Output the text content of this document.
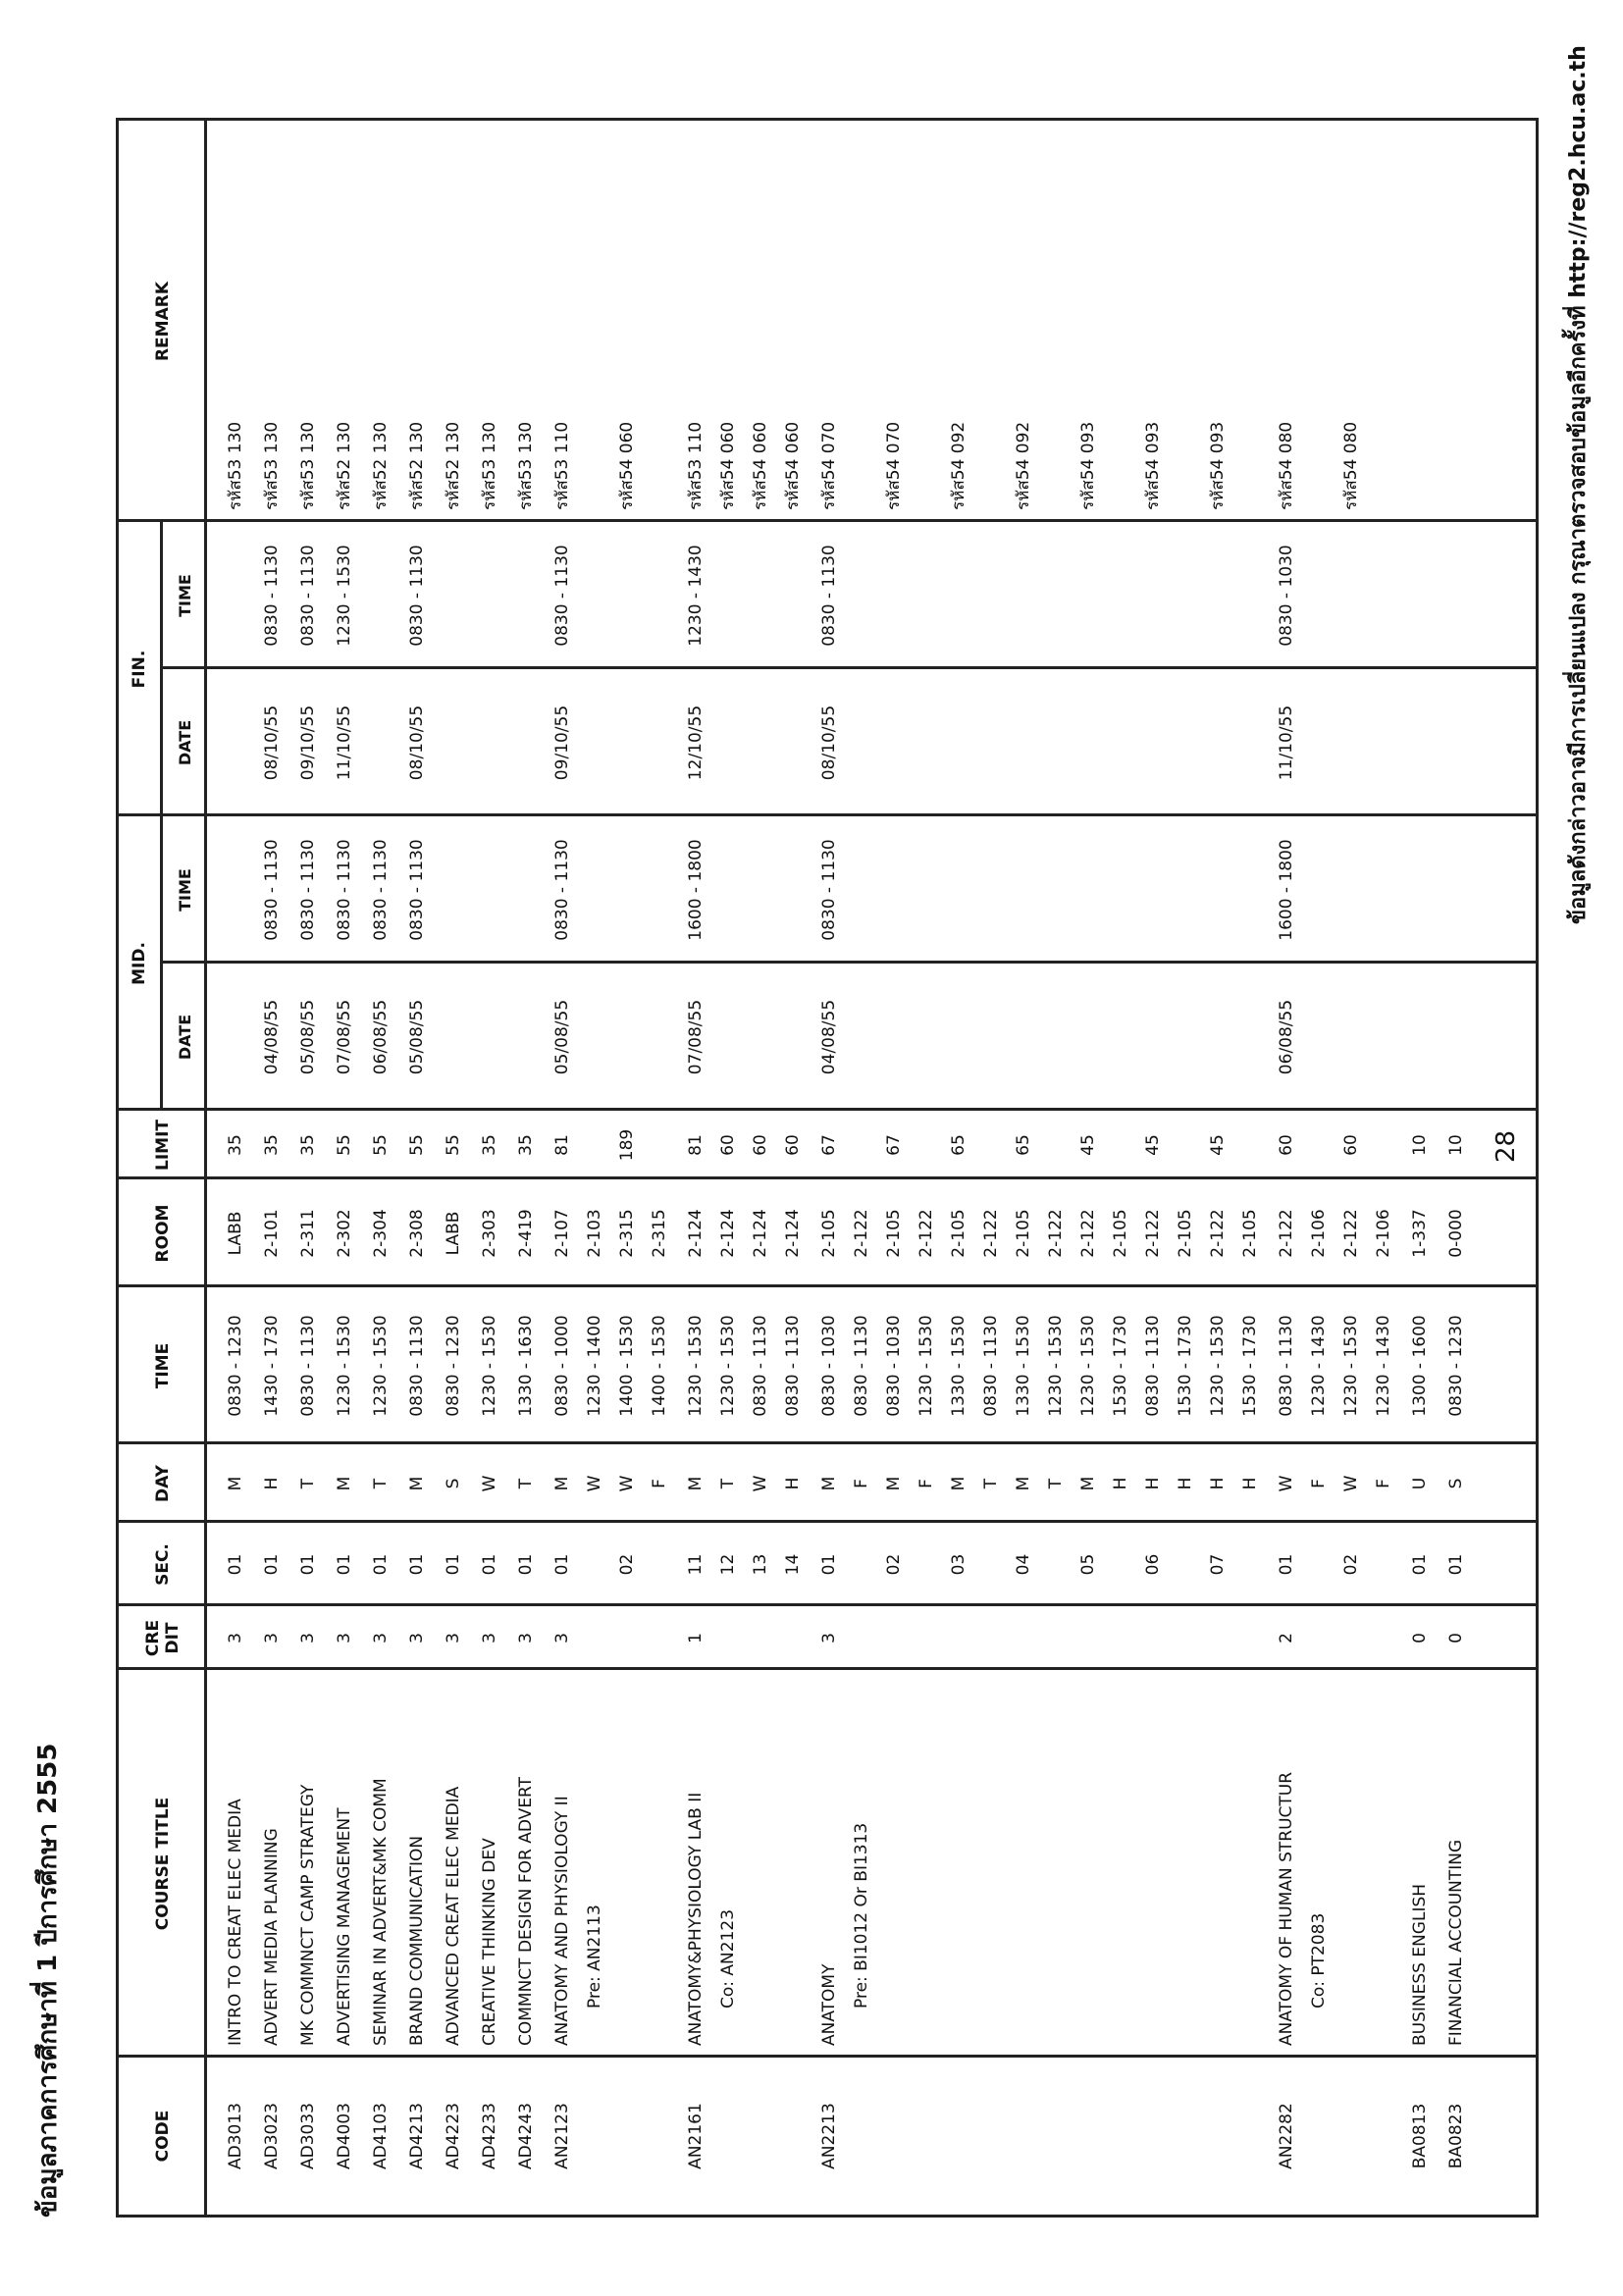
ข้อมูลภาคการศึกษาที่ 1 ปีการศึกษา 2555
28
CODE
COURSE TITLE
CRE DIT
SEC.
DAY
TIME
ROOM
LIMIT
REMARK
MID.
FIN.
DATE
TIME
DATE
TIME
AD3013
INTRO TO CREAT ELEC MEDIA
3
01
M
0830 - 1230
LABB
35
รหัส53 130
AD3023
ADVERT MEDIA PLANNING
3
01
H
1430 - 1730
2-101
35
04/08/55
0830 - 1130
08/10/55
0830 - 1130
รหัส53 130
AD3033
MK COMMNCT CAMP STRATEGY
3
01
T
0830 - 1130
2-311
35
05/08/55
0830 - 1130
09/10/55
0830 - 1130
รหัส53 130
AD4003
ADVERTISING MANAGEMENT
3
01
M
1230 - 1530
2-302
55
07/08/55
0830 - 1130
11/10/55
1230 - 1530
รหัส52 130
AD4103
SEMINAR IN ADVERT&MK COMM
3
01
T
1230 - 1530
2-304
55
06/08/55
0830 - 1130
รหัส52 130
AD4213
BRAND COMMUNICATION
3
01
M
0830 - 1130
2-308
55
05/08/55
0830 - 1130
08/10/55
0830 - 1130
รหัส52 130
AD4223
ADVANCED CREAT ELEC MEDIA
3
01
S
0830 - 1230
LABB
55
รหัส52 130
AD4233
CREATIVE THINKING DEV
3
01
W
1230 - 1530
2-303
35
รหัส53 130
AD4243
COMMNCT DESIGN FOR ADVERT
3
01
T
1330 - 1630
2-419
35
รหัส53 130
AN2123
ANATOMY AND PHYSIOLOGY II
3
01
M
0830 - 1000
2-107
81
05/08/55
0830 - 1130
09/10/55
0830 - 1130
รหัส53 110
Pre: AN2113
W
1230 - 1400
2-103
02
W
1400 - 1530
2-315
189
รหัส54 060
F
1400 - 1530
2-315
AN2161
ANATOMY&PHYSIOLOGY LAB II
1
11
M
1230 - 1530
2-124
81
07/08/55
1600 - 1800
12/10/55
1230 - 1430
รหัส53 110
Co: AN2123
12
T
1230 - 1530
2-124
60
รหัส54 060
13
W
0830 - 1130
2-124
60
รหัส54 060
14
H
0830 - 1130
2-124
60
รหัส54 060
AN2213
ANATOMY
3
01
M
0830 - 1030
2-105
67
04/08/55
0830 - 1130
08/10/55
0830 - 1130
รหัส54 070
Pre: BI1012 Or BI1313
F
0830 - 1130
2-122
02
M
0830 - 1030
2-105
67
รหัส54 070
F
1230 - 1530
2-122
03
M
1330 - 1530
2-105
65
รหัส54 092
T
0830 - 1130
2-122
04
M
1330 - 1530
2-105
65
รหัส54 092
T
1230 - 1530
2-122
05
M
1230 - 1530
2-122
45
รหัส54 093
H
1530 - 1730
2-105
06
H
0830 - 1130
2-122
45
รหัส54 093
H
1530 - 1730
2-105
07
H
1230 - 1530
2-122
45
รหัส54 093
H
1530 - 1730
2-105
AN2282
ANATOMY OF HUMAN STRUCTUR
2
01
W
0830 - 1130
2-122
60
06/08/55
1600 - 1800
11/10/55
0830 - 1030
รหัส54 080
Co: PT2083
F
1230 - 1430
2-106
02
W
1230 - 1530
2-122
60
รหัส54 080
F
1230 - 1430
2-106
BA0813
BUSINESS ENGLISH
0
01
U
1300 - 1600
1-337
10
BA0823
FINANCIAL ACCOUNTING
0
01
S
0830 - 1230
0-000
10
ข้อมูลดังกล่าวอาจมีการเปลี่ยนแปลง กรุณาตรวจสอบข้อมูลอีกครั้งที่ http://reg2.hcu.ac.th
